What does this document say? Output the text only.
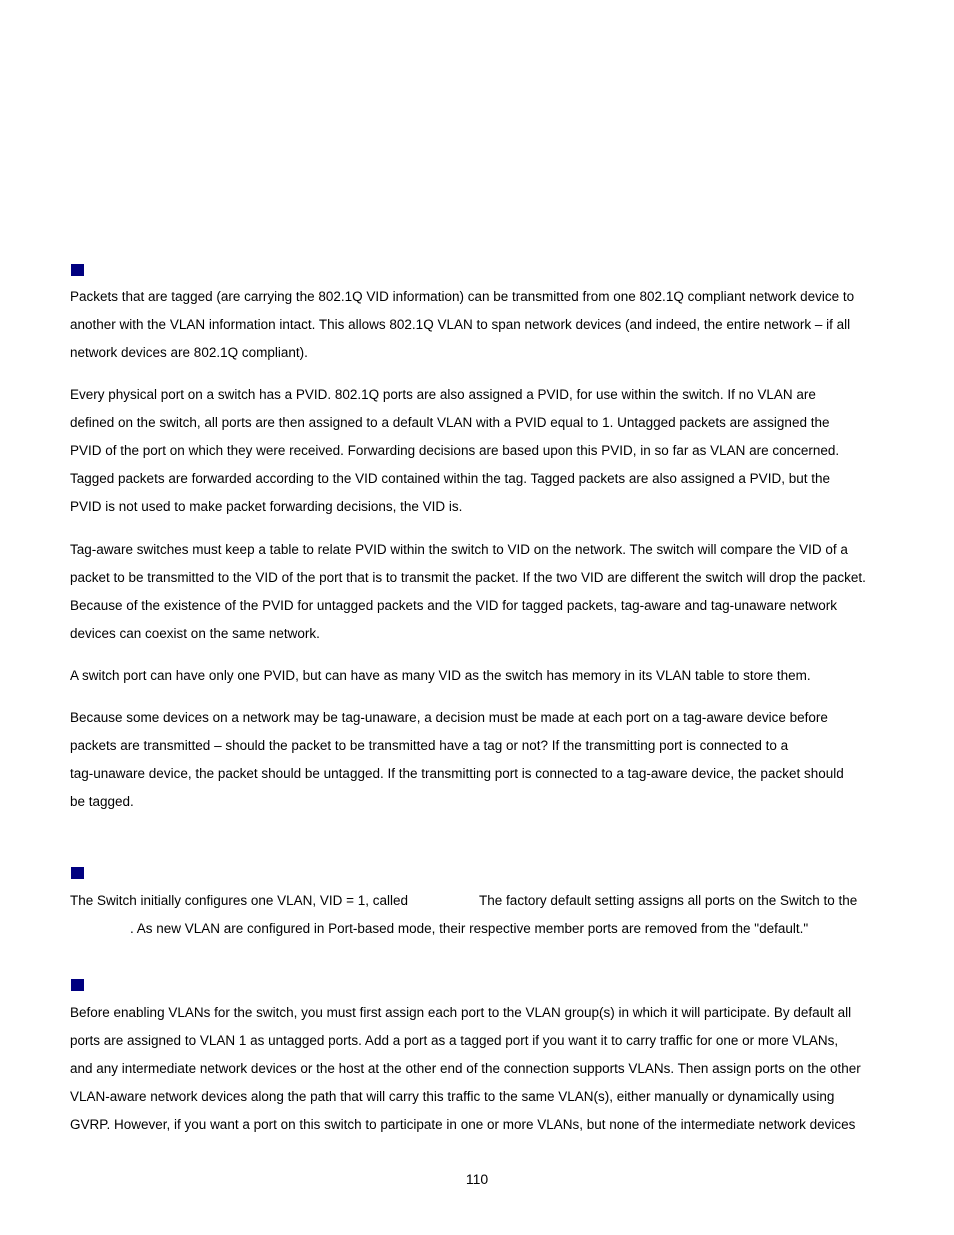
Packets that are tagged (are carrying the 802.1Q VID information) can be transmitted from one 802.1Q compliant network device to
another with the VLAN information intact. This allows 802.1Q VLAN to span network devices (and indeed, the entire network – if all
network devices are 802.1Q compliant).

Every physical port on a switch has a PVID. 802.1Q ports are also assigned a PVID, for use within the switch. If no VLAN are
defined on the switch, all ports are then assigned to a default VLAN with a PVID equal to 1. Untagged packets are assigned the
PVID of the port on which they were received. Forwarding decisions are based upon this PVID, in so far as VLAN are concerned.
Tagged packets are forwarded according to the VID contained within the tag. Tagged packets are also assigned a PVID, but the
PVID is not used to make packet forwarding decisions, the VID is.

Tag-aware switches must keep a table to relate PVID within the switch to VID on the network. The switch will compare the VID of a
packet to be transmitted to the VID of the port that is to transmit the packet. If the two VID are different the switch will drop the packet.
Because of the existence of the PVID for untagged packets and the VID for tagged packets, tag-aware and tag-unaware network
devices can coexist on the same network.

A switch port can have only one PVID, but can have as many VID as the switch has memory in its VLAN table to store them.

Because some devices on a network may be tag-unaware, a decision must be made at each port on a tag-aware device before
packets are transmitted – should the packet to be transmitted have a tag or not? If the transmitting port is connected to a
tag-unaware device, the packet should be untagged. If the transmitting port is connected to a tag-aware device, the packet should
be tagged.

The Switch initially configures one VLAN, VID = 1, called	The factory default setting assigns all ports on the Switch to the
. As new VLAN are configured in Port-based mode, their respective member ports are removed from the "default."

Before enabling VLANs for the switch, you must first assign each port to the VLAN group(s) in which it will participate. By default all
ports are assigned to VLAN 1 as untagged ports. Add a port as a tagged port if you want it to carry traffic for one or more VLANs,
and any intermediate network devices or the host at the other end of the connection supports VLANs. Then assign ports on the other
VLAN-aware network devices along the path that will carry this traffic to the same VLAN(s), either manually or dynamically using
GVRP. However, if you want a port on this switch to participate in one or more VLANs, but none of the intermediate network devices

110
